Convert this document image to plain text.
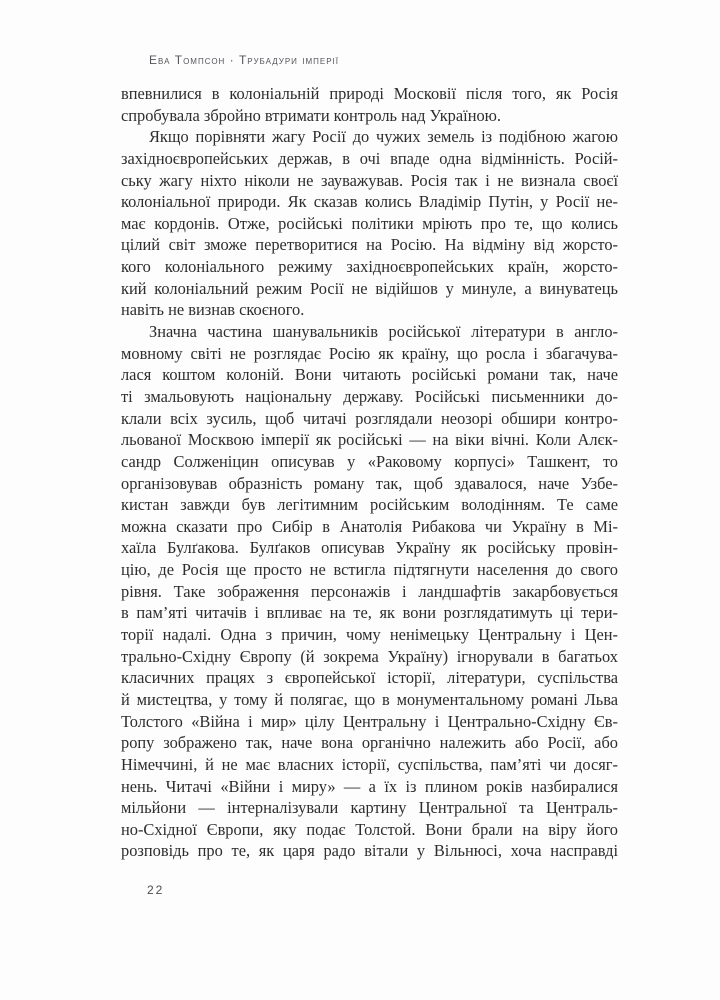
Ева Томпсон · Трубадури імперії
впевнилися в колоніальній природі Московії після того, як Росія
спробувала збройно втримати контроль над Україною.
Якщо порівняти жагу Росії до чужих земель із подібною жагою
західноєвропейських держав, в очі впаде одна відмінність. Росій-
ську жагу ніхто ніколи не зауважував. Росія так і не визнала своєї
колоніальної природи. Як сказав колись Владімір Путін, у Росії не-
має кордонів. Отже, російські політики мріють про те, що колись
цілий світ зможе перетворитися на Росію. На відміну від жорсто-
кого колоніального режиму західноєвропейських країн, жорсто-
кий колоніальний режим Росії не відійшов у минуле, а винуватець
навіть не визнав скоєного.
Значна частина шанувальників російської літератури в англо-
мовному світі не розглядає Росію як країну, що росла і збагачува-
лася коштом колоній. Вони читають російські романи так, наче
ті змальовують національну державу. Російські письменники до-
клали всіх зусиль, щоб читачі розглядали неозорі обшири контро-
льованої Москвою імперії як російські — на віки вічні. Коли Алєк-
сандр Солженіцин описував у «Раковому корпусі» Ташкент, то
організовував образність роману так, щоб здавалося, наче Узбе-
кистан завжди був легітимним російським володінням. Те саме
можна сказати про Сибір в Анатолія Рибакова чи Україну в Мі-
хаїла Булґакова. Булґаков описував Україну як російську провін-
цію, де Росія ще просто не встигла підтягнути населення до свого
рівня. Таке зображення персонажів і ландшафтів закарбовується
в пам’яті читачів і впливає на те, як вони розглядатимуть ці тери-
торії надалі. Одна з причин, чому ненімецьку Центральну і Цен-
трально-Східну Європу (й зокрема Україну) ігнорували в багатьох
класичних працях з європейської історії, літератури, суспільства
й мистецтва, у тому й полягає, що в монументальному романі Льва
Толстого «Війна і мир» цілу Центральну і Центрально-Східну Єв-
ропу зображено так, наче вона органічно належить або Росії, або
Німеччині, й не має власних історії, суспільства, пам’яті чи досяг-
нень. Читачі «Війни і миру» — а їх із плином років назбиралися
мільйони — інтерналізували картину Центральної та Централь-
но-Східної Європи, яку подає Толстой. Вони брали на віру його
розповідь про те, як царя радо вітали у Вільнюсі, хоча насправді
22
